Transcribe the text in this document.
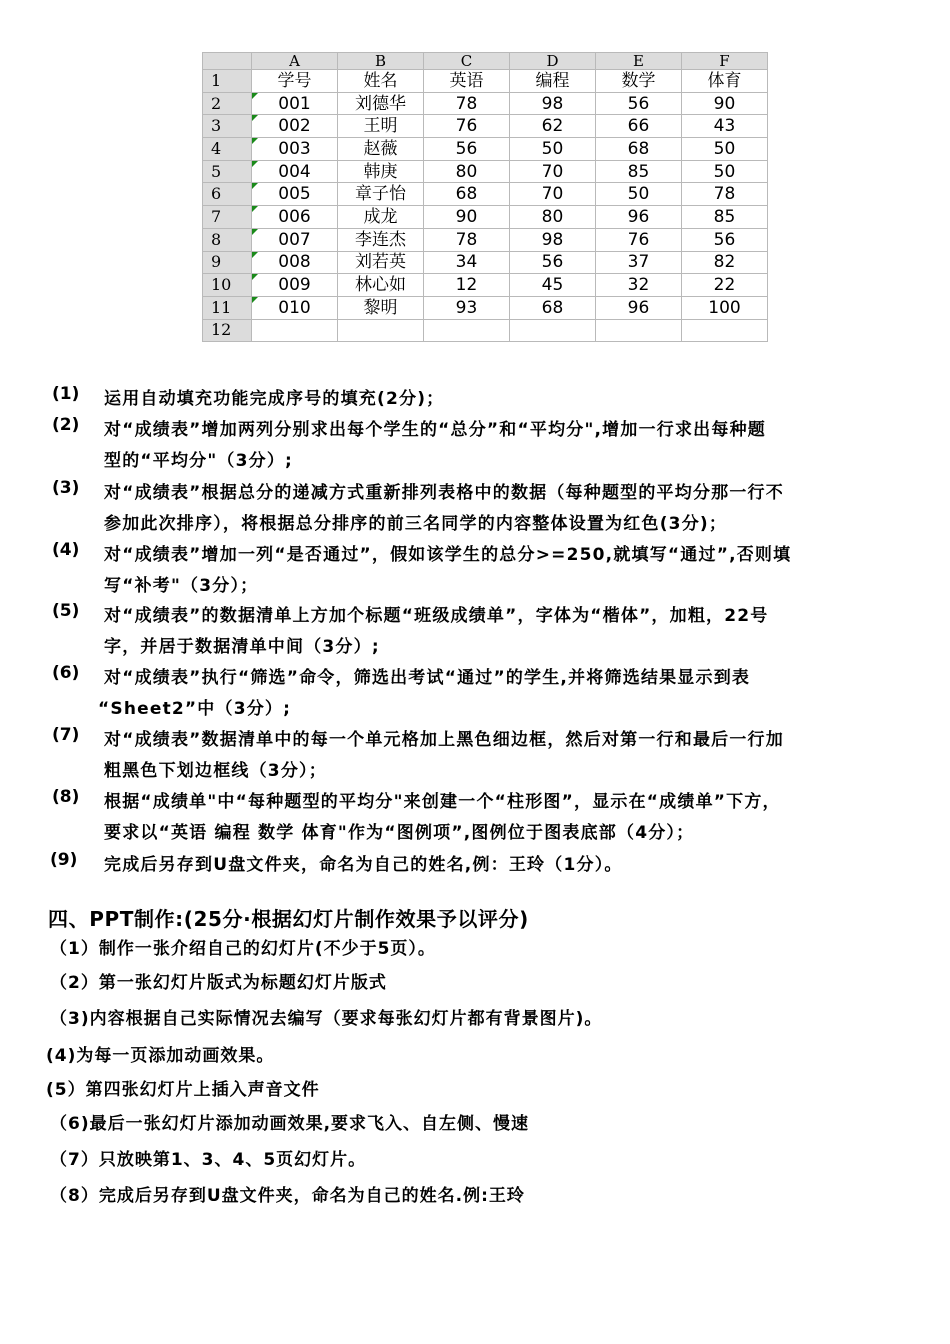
	A	B	C	D	E	F
1	学号	姓名	英语	编程	数学	体育
2	001	刘德华	78	98	56	90
3	002	王明	76	62	66	43
4	003	赵薇	56	50	68	50
5	004	韩庚	80	70	85	50
6	005	章子怡	68	70	50	78
7	006	成龙	90	80	96	85
8	007	李连杰	78	98	76	56
9	008	刘若英	34	56	37	82
10	009	林心如	12	45	32	22
11	010	黎明	93	68	96	100
12						
(1) 运用自动填充功能完成序号的填充(2分)；
(2) 对“成绩表”增加两列分别求出每个学生的“总分”和“平均分",增加一行求出每种题
型的“平均分"（3分）;
(3) 对“成绩表”根据总分的递减方式重新排列表格中的数据（每种题型的平均分那一行不
参加此次排序），将根据总分排序的前三名同学的内容整体设置为红色(3分)；
(4) 对“成绩表”增加一列“是否通过”，假如该学生的总分>=250,就填写“通过”,否则填
写“补考"（3分）；
(5) 对“成绩表”的数据清单上方加个标题“班级成绩单”，字体为“楷体”，加粗，22号
字，并居于数据清单中间（3分）;
(6) 对“成绩表”执行“筛选”命令，筛选出考试“通过”的学生,并将筛选结果显示到表
“Sheet2”中（3分）;
(7) 对“成绩表”数据清单中的每一个单元格加上黑色细边框，然后对第一行和最后一行加
粗黑色下划边框线（3分）；
(8) 根据“成绩单"中“每种题型的平均分"来创建一个“柱形图”，显示在“成绩单”下方，
要求以“英语 编程 数学 体育"作为“图例项”,图例位于图表底部（4分）；
(9) 完成后另存到U盘文件夹，命名为自己的姓名,例：王玲（1分）。
四、PPT制作:(25分·根据幻灯片制作效果予以评分)
（1）制作一张介绍自己的幻灯片(不少于5页）。
（2）第一张幻灯片版式为标题幻灯片版式
（3)内容根据自己实际情况去编写（要求每张幻灯片都有背景图片)。
(4)为每一页添加动画效果。
(5）第四张幻灯片上插入声音文件
（6)最后一张幻灯片添加动画效果,要求飞入、自左侧、慢速
（7）只放映第1、3、4、5页幻灯片。
（8）完成后另存到U盘文件夹，命名为自己的姓名.例:王玲
